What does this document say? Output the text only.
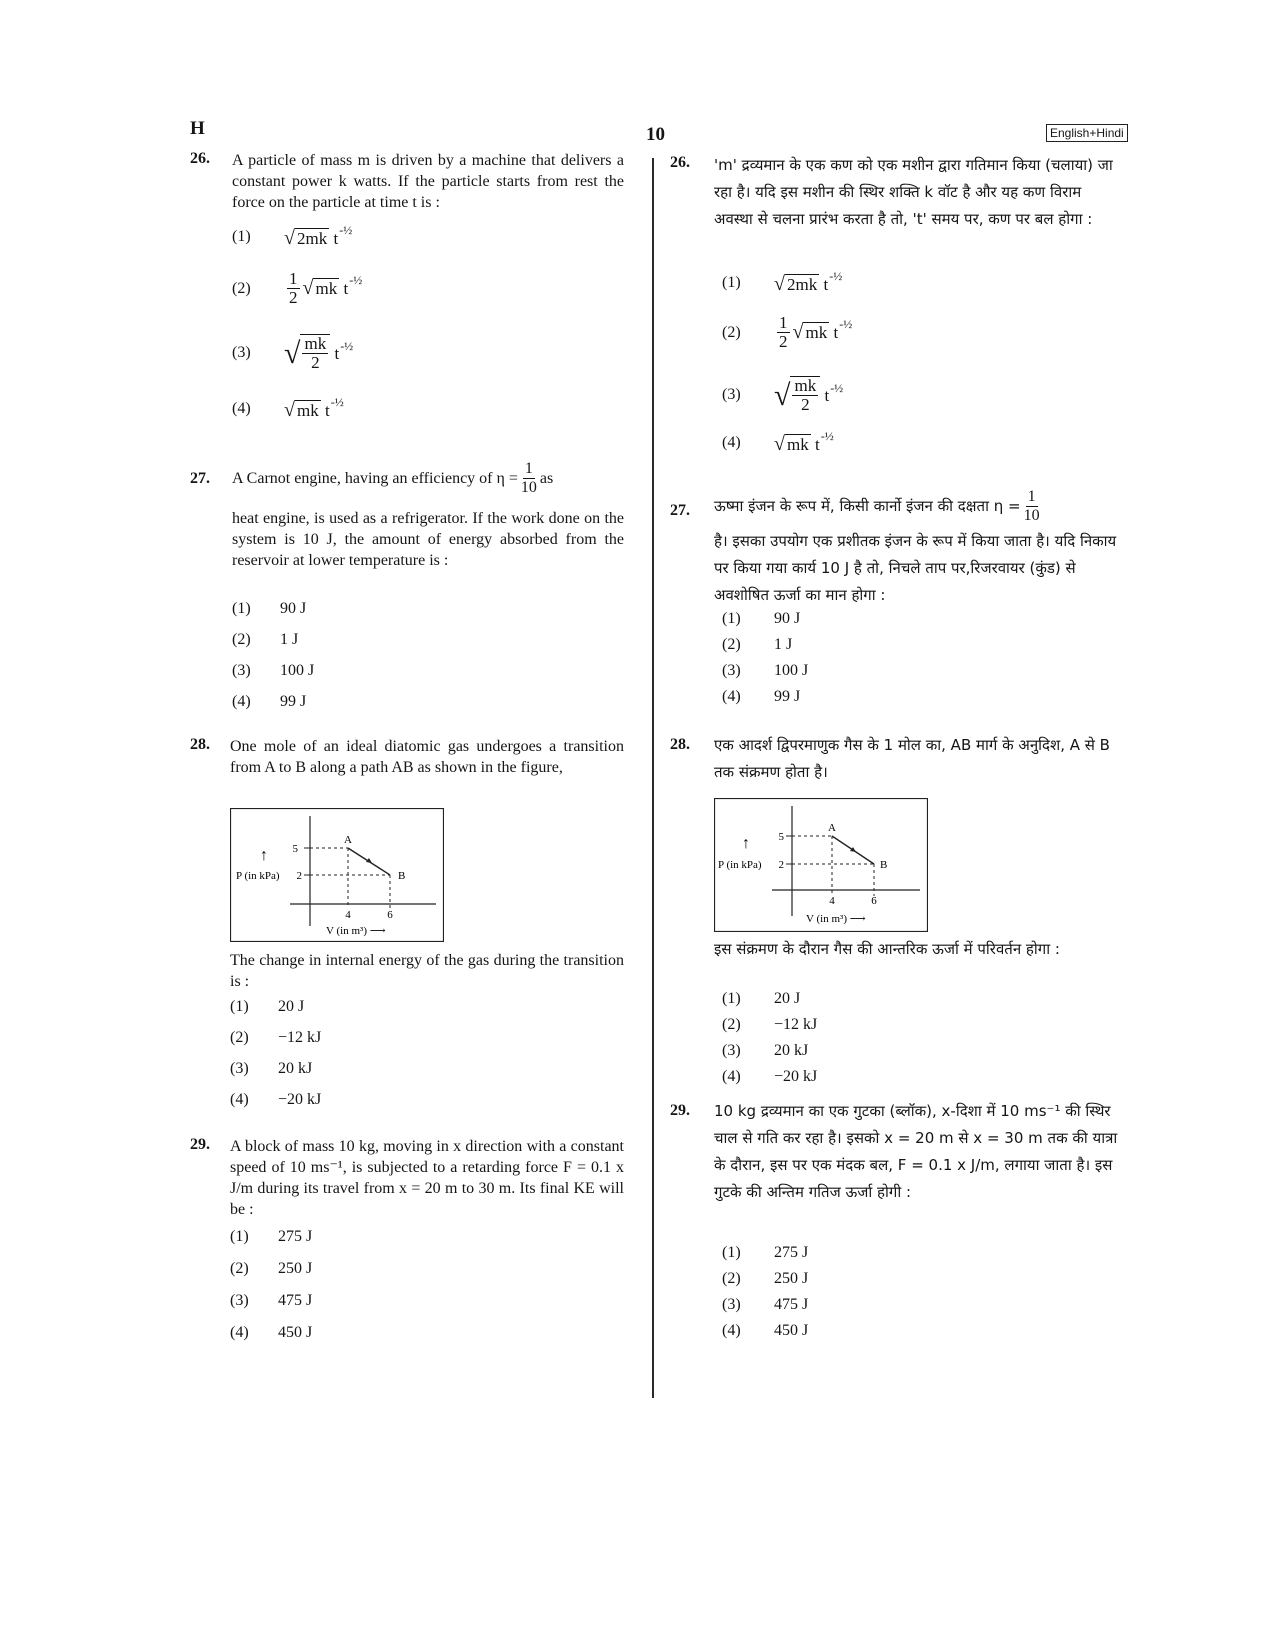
H	10	English+Hindi
26. A particle of mass m is driven by a machine that delivers a constant power k watts. If the particle starts from rest the force on the particle at time t is :
(1) √ 2mk
t -½
$(2) \frac{1}{2}$ √ mk
t -½
(3) √ $\frac{mk}{2}$
t -½
(4) √ mk
t -½
27. A Carnot engine, having an efficiency of $\eta = \frac{1}{10}$ as
heat engine, is used as a refrigerator. If the work done on the system is 10 J, the amount of energy absorbed from the reservoir at lower temperature is :
(1) 90 J
(2) 1 J
(3) 100 J
(4) 99 J
28. One mole of an ideal diatomic gas undergoes a transition from A to B along a path AB as shown in the figure,
5
2
4	6
A
B
↑
P (in kPa)
V (in m³) ⟶
The change in internal energy of the gas during the transition is :
(1) 20 J
(2) −12 kJ
(3) 20 kJ
(4) −20 kJ
29. A block of mass 10 kg, moving in x direction with a constant speed of 10 ms⁻¹, is subjected to a retarding force F = 0.1 x J/m during its travel from x = 20 m to 30 m. Its final KE will be :
(1) 275 J
(2) 250 J
(3) 475 J
(4) 450 J
26. 'm' द्रव्यमान के एक कण को एक मशीन द्वारा गतिमान किया (चलाया) जा रहा है। यदि इस मशीन की स्थिर शक्ति k वॉट है और यह कण विराम अवस्था से चलना प्रारंभ करता है तो, 't' समय पर, कण पर बल होगा :
(1) √ 2mk
t -½
$(2) \frac{1}{2}$ √ mk
t -½
(3) √ $\frac{mk}{2}$
t -½
(4) √ mk
t -½
27. ऊष्मा इंजन के रूप में, किसी कार्नो इंजन की दक्षता $\eta = \frac{1}{10}$
है। इसका उपयोग एक प्रशीतक इंजन के रूप में किया जाता है। यदि निकाय पर किया गया कार्य 10 J है तो, निचले ताप पर,रिजरवायर (कुंड) से अवशोषित ऊर्जा का मान होगा :
(1) 90 J
(2) 1 J
(3) 100 J
(4) 99 J
28. एक आदर्श द्विपरमाणुक गैस के 1 मोल का, AB मार्ग के अनुदिश, A से B तक संक्रमण होता है।
5
2
4	6
A
B
↑
P (in kPa)
V (in m³) ⟶
इस संक्रमण के दौरान गैस की आन्तरिक ऊर्जा में परिवर्तन होगा :
(1) 20 J
(2) −12 kJ
(3) 20 kJ
(4) −20 kJ
29. 10 kg द्रव्यमान का एक गुटका (ब्लॉक), x-दिशा में 10 ms⁻¹ की स्थिर चाल से गति कर रहा है। इसको x = 20 m से x = 30 m तक की यात्रा के दौरान, इस पर एक मंदक बल, F = 0.1 x J/m, लगाया जाता है। इस गुटके की अन्तिम गतिज ऊर्जा होगी :
(1) 275 J
(2) 250 J
(3) 475 J
(4) 450 J
